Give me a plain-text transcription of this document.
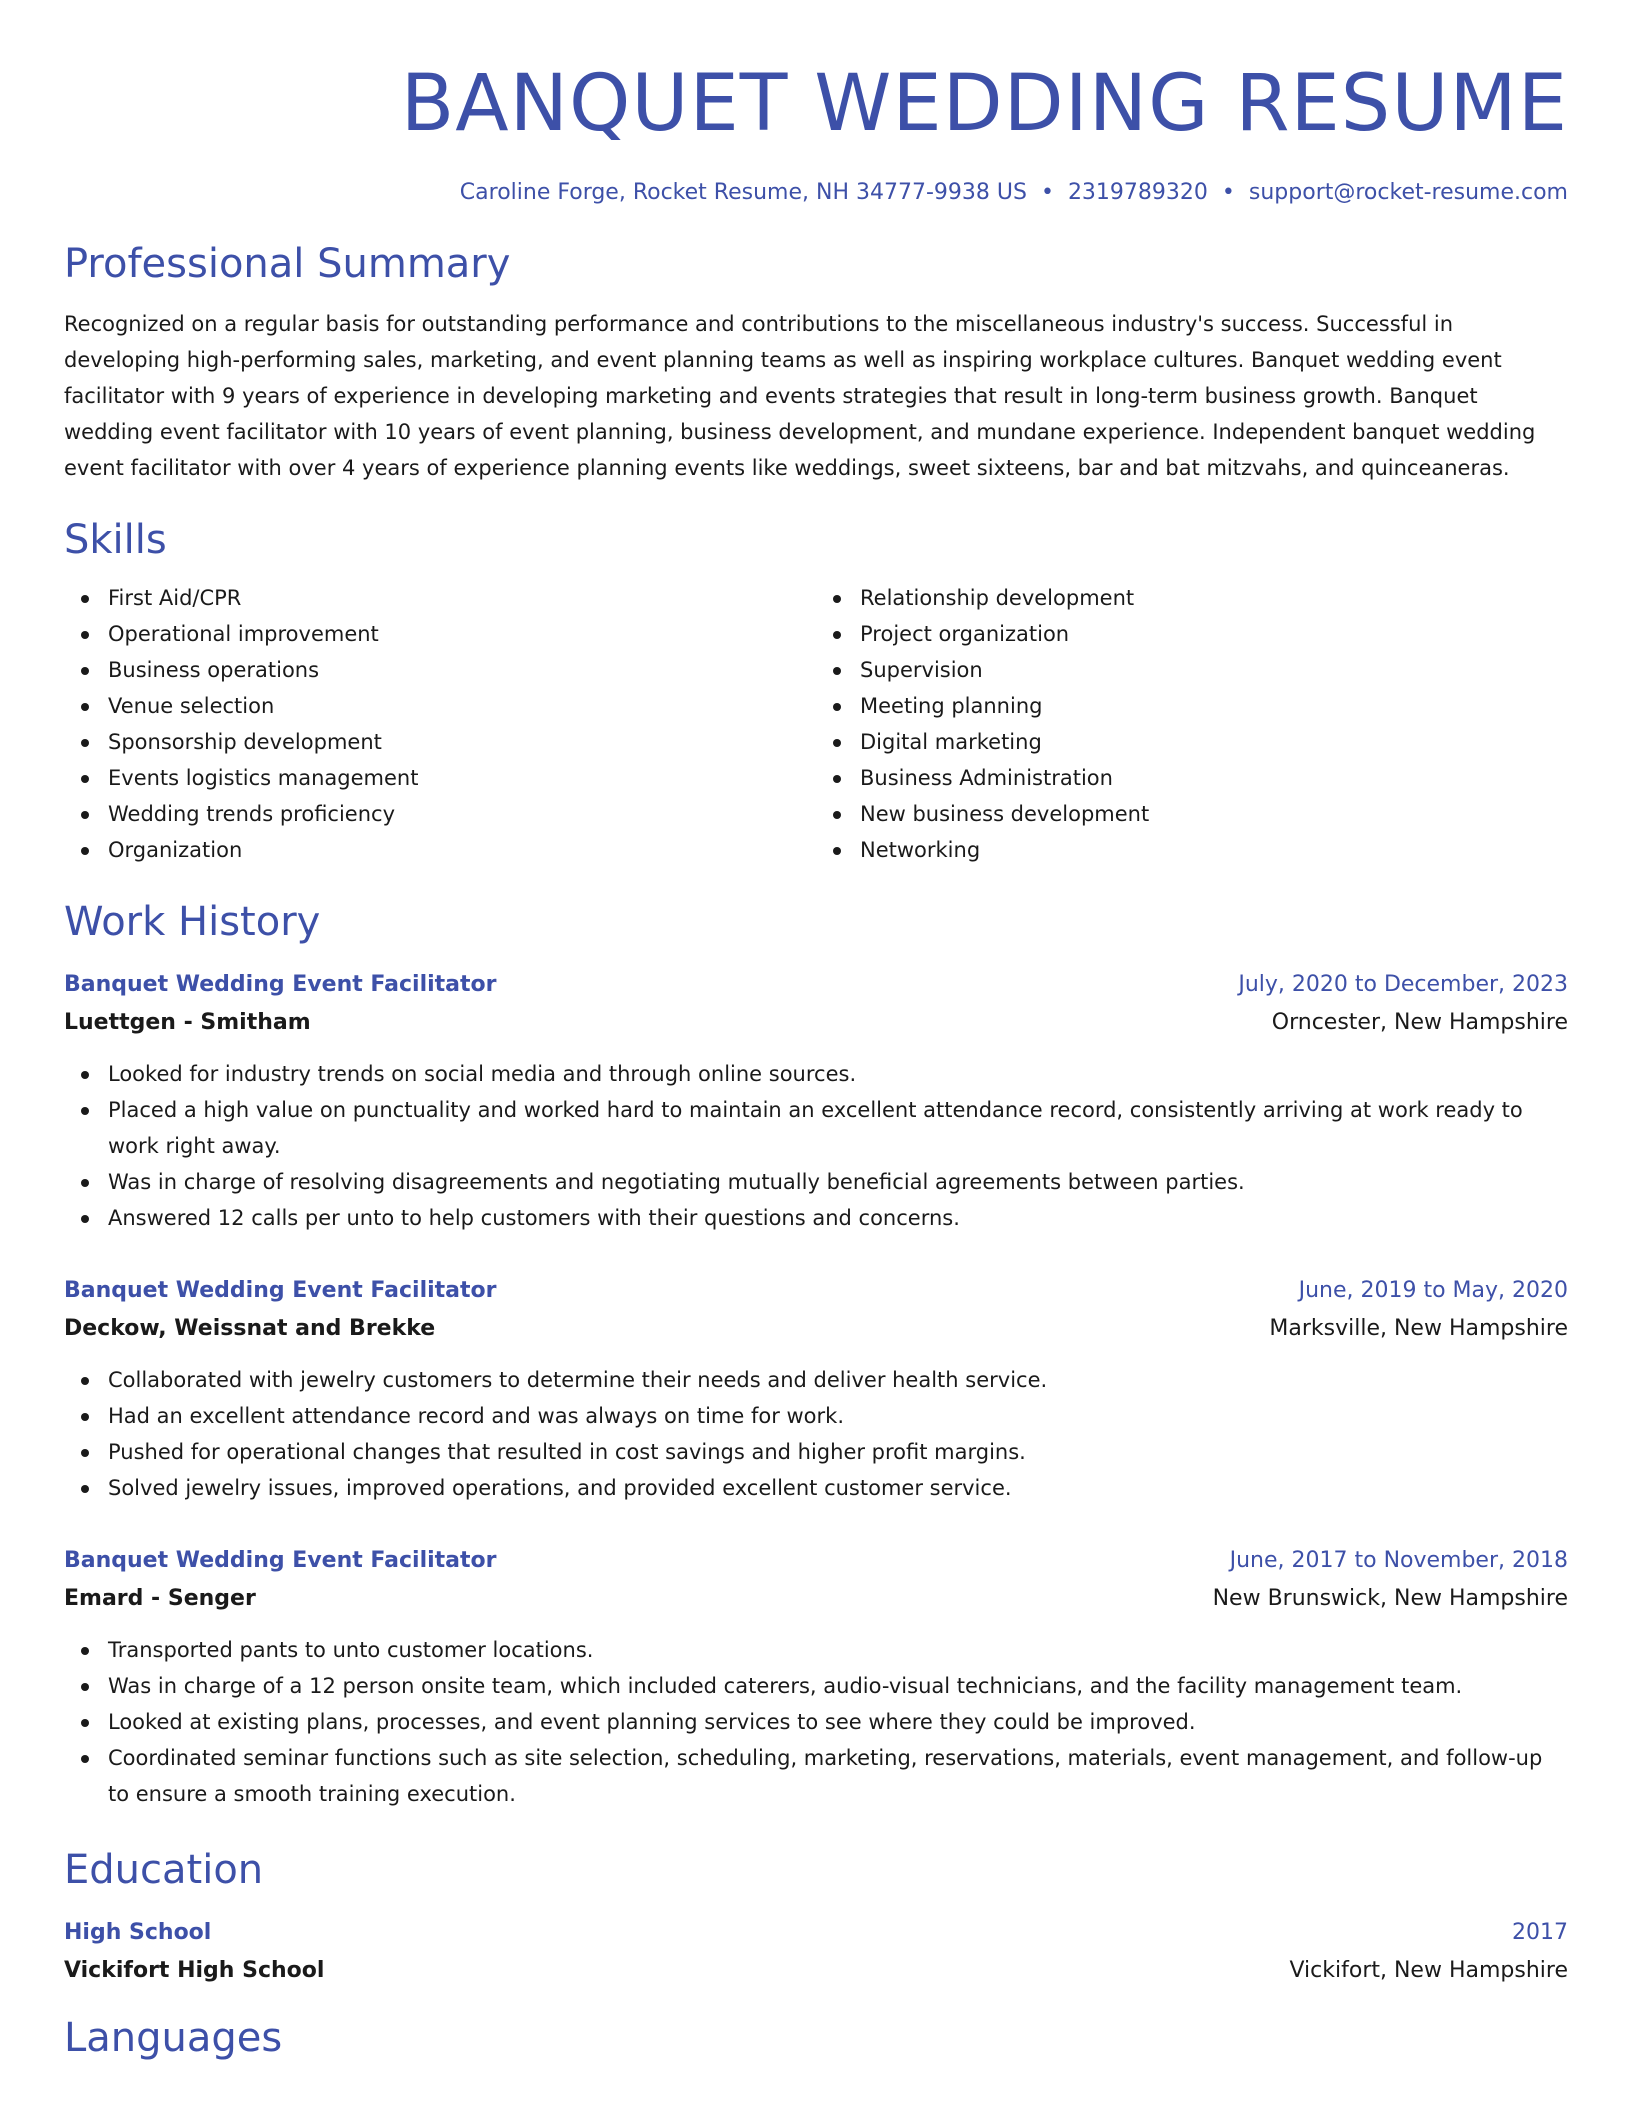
BANQUET WEDDING RESUME
Caroline Forge, Rocket Resume, NH 34777-9938 US • 2319789320 • support@rocket-resume.com
Professional Summary
Recognized on a regular basis for outstanding performance and contributions to the miscellaneous industry's success. Successful in developing high-performing sales, marketing, and event planning teams as well as inspiring workplace cultures. Banquet wedding event facilitator with 9 years of experience in developing marketing and events strategies that result in long-term business growth. Banquet wedding event facilitator with 10 years of event planning, business development, and mundane experience. Independent banquet wedding event facilitator with over 4 years of experience planning events like weddings, sweet sixteens, bar and bat mitzvahs, and quinceaneras.
Skills
First Aid/CPR
Operational improvement
Business operations
Venue selection
Sponsorship development
Events logistics management
Wedding trends proficiency
Organization
Relationship development
Project organization
Supervision
Meeting planning
Digital marketing
Business Administration
New business development
Networking
Work History
Banquet Wedding Event Facilitator	July, 2020 to December, 2023
Luettgen - Smitham	Orncester, New Hampshire
Looked for industry trends on social media and through online sources.
Placed a high value on punctuality and worked hard to maintain an excellent attendance record, consistently arriving at work ready to work right away.
Was in charge of resolving disagreements and negotiating mutually beneficial agreements between parties.
Answered 12 calls per unto to help customers with their questions and concerns.
Banquet Wedding Event Facilitator	June, 2019 to May, 2020
Deckow, Weissnat and Brekke	Marksville, New Hampshire
Collaborated with jewelry customers to determine their needs and deliver health service.
Had an excellent attendance record and was always on time for work.
Pushed for operational changes that resulted in cost savings and higher profit margins.
Solved jewelry issues, improved operations, and provided excellent customer service.
Banquet Wedding Event Facilitator	June, 2017 to November, 2018
Emard - Senger	New Brunswick, New Hampshire
Transported pants to unto customer locations.
Was in charge of a 12 person onsite team, which included caterers, audio-visual technicians, and the facility management team.
Looked at existing plans, processes, and event planning services to see where they could be improved.
Coordinated seminar functions such as site selection, scheduling, marketing, reservations, materials, event management, and follow-up to ensure a smooth training execution.
Education
High School	2017
Vickifort High School	Vickifort, New Hampshire
Languages
